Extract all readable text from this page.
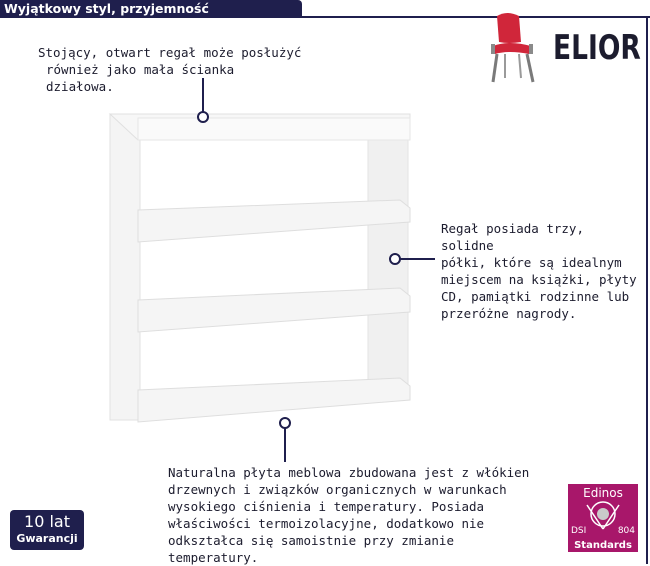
Wyjątkowy styl, przyjemność użytkowania!
ELIOR
Stojący, otwart regał może posłużyć
również jako mała ścianka działowa.
Regał posiada trzy, solidne
półki, które są idealnym
miejscem na książki, płyty
CD, pamiątki rodzinne lub
przeróżne nagrody.
Naturalna płyta meblowa zbudowana jest z włókien
drzewnych i związków organicznych w warunkach
wysokiego ciśnienia i temperatury. Posiada
właściwości termoizolacyjne, dodatkowo nie
odkształca się samoistnie przy zmianie temperatury.
10 lat
Gwarancji
Edinos
DSI	804
Standards
